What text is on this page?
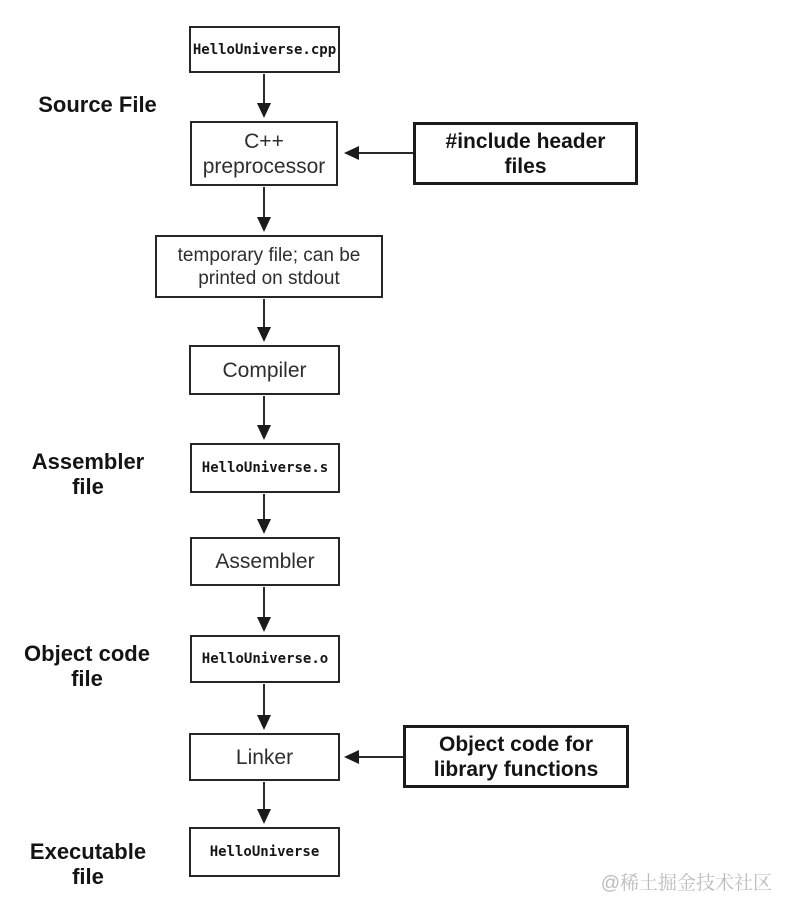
HelloUniverse.cpp
C++
preprocessor
#include header
files
temporary file; can be
printed on stdout
Compiler
HelloUniverse.s
Assembler
HelloUniverse.o
Linker
Object code for
library functions
HelloUniverse
Source File
Assembler file
Object code file
Executable file	@稀土掘金技术社区
